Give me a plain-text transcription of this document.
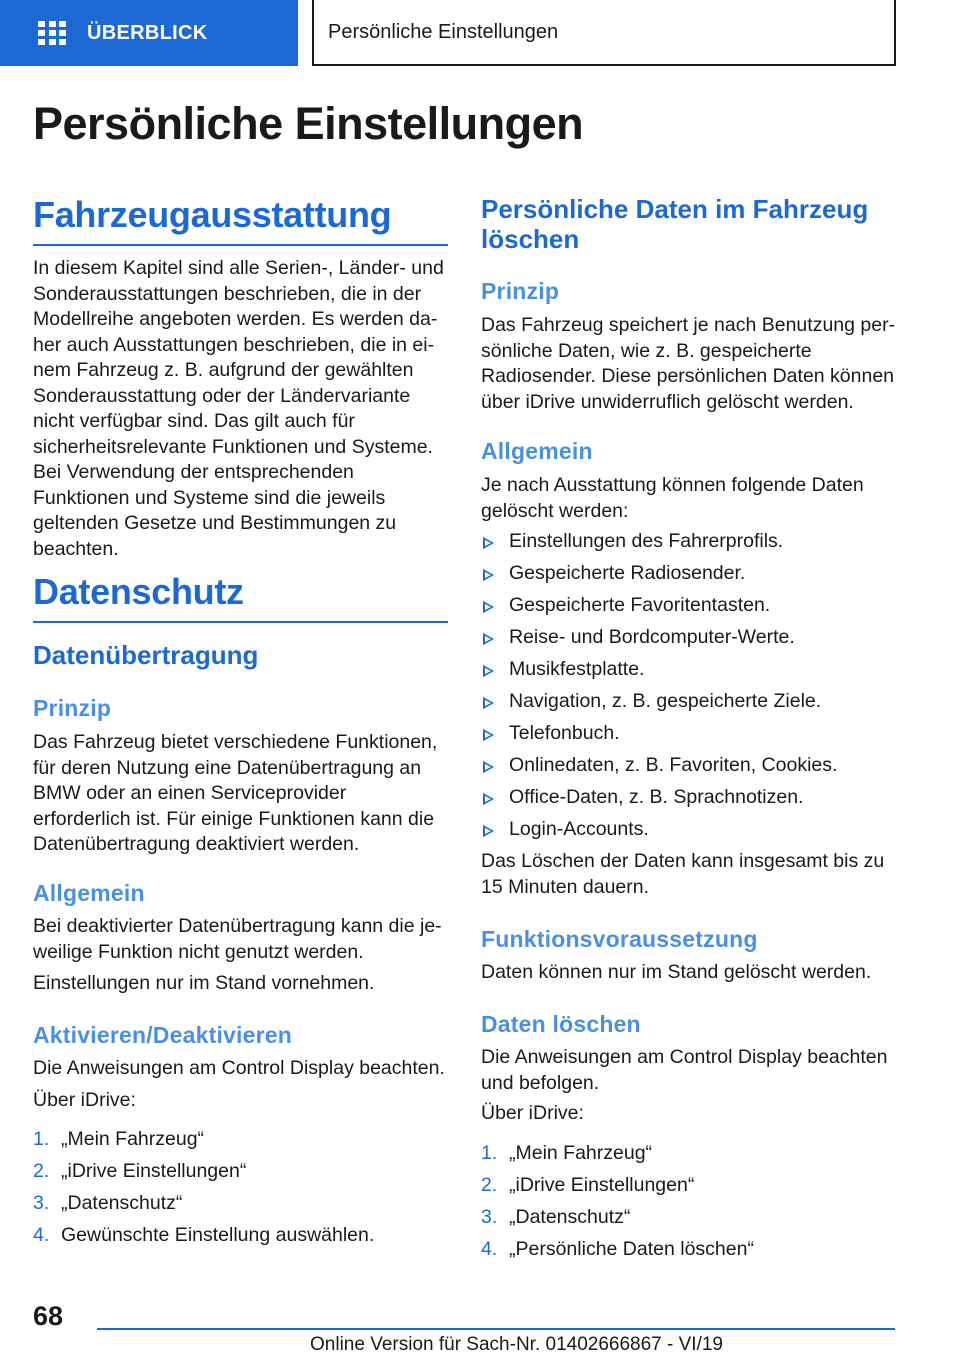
ÜBERBLICK	Persönliche Einstellungen
Persönliche Einstellungen
Fahrzeugausstattung

In diesem Kapitel sind alle Serien-, Länder- und Sonderausstattungen beschrieben, die in der Modellreihe angeboten werden. Es werden daher auch Ausstattungen beschrieben, die in einem Fahrzeug z. B. aufgrund der gewählten Sonderausstattung oder der Ländervariante nicht verfügbar sind. Das gilt auch für sicherheitsrelevante Funktionen und Systeme. Bei Verwendung der entsprechenden Funktionen und Systeme sind die jeweils geltenden Gesetze und Bestimmungen zu beachten.

Datenschutz
Datenübertragung
Prinzip

Das Fahrzeug bietet verschiedene Funktionen, für deren Nutzung eine Datenübertragung an BMW oder an einen Serviceprovider erforderlich ist. Für einige Funktionen kann die Datenübertragung deaktiviert werden.

Allgemein

Bei deaktivierter Datenübertragung kann die jeweilige Funktion nicht genutzt werden.

Einstellungen nur im Stand vornehmen.

Aktivieren/Deaktivieren

Die Anweisungen am Control Display beachten.

Über iDrive:

1. „Mein Fahrzeug“
2. „iDrive Einstellungen“
3. „Datenschutz“
4. Gewünschte Einstellung auswählen.
Persönliche Daten im Fahrzeug löschen
Prinzip

Das Fahrzeug speichert je nach Benutzung persönliche Daten, wie z. B. gespeicherte Radiosender. Diese persönlichen Daten können über iDrive unwiderruflich gelöscht werden.

Allgemein

Je nach Ausstattung können folgende Daten gelöscht werden:

Einstellungen des Fahrerprofils.
Gespeicherte Radiosender.
Gespeicherte Favoritentasten.
Reise- und Bordcomputer-Werte.
Musikfestplatte.
Navigation, z. B. gespeicherte Ziele.
Telefonbuch.
Onlinedaten, z. B. Favoriten, Cookies.
Office-Daten, z. B. Sprachnotizen.
Login-Accounts.

Das Löschen der Daten kann insgesamt bis zu 15 Minuten dauern.

Funktionsvoraussetzung

Daten können nur im Stand gelöscht werden.

Daten löschen

Die Anweisungen am Control Display beachten und befolgen.

Über iDrive:

1. „Mein Fahrzeug“
2. „iDrive Einstellungen“
3. „Datenschutz“
4. „Persönliche Daten löschen“
68
Online Version für Sach-Nr. 01402666867 - VI/19
